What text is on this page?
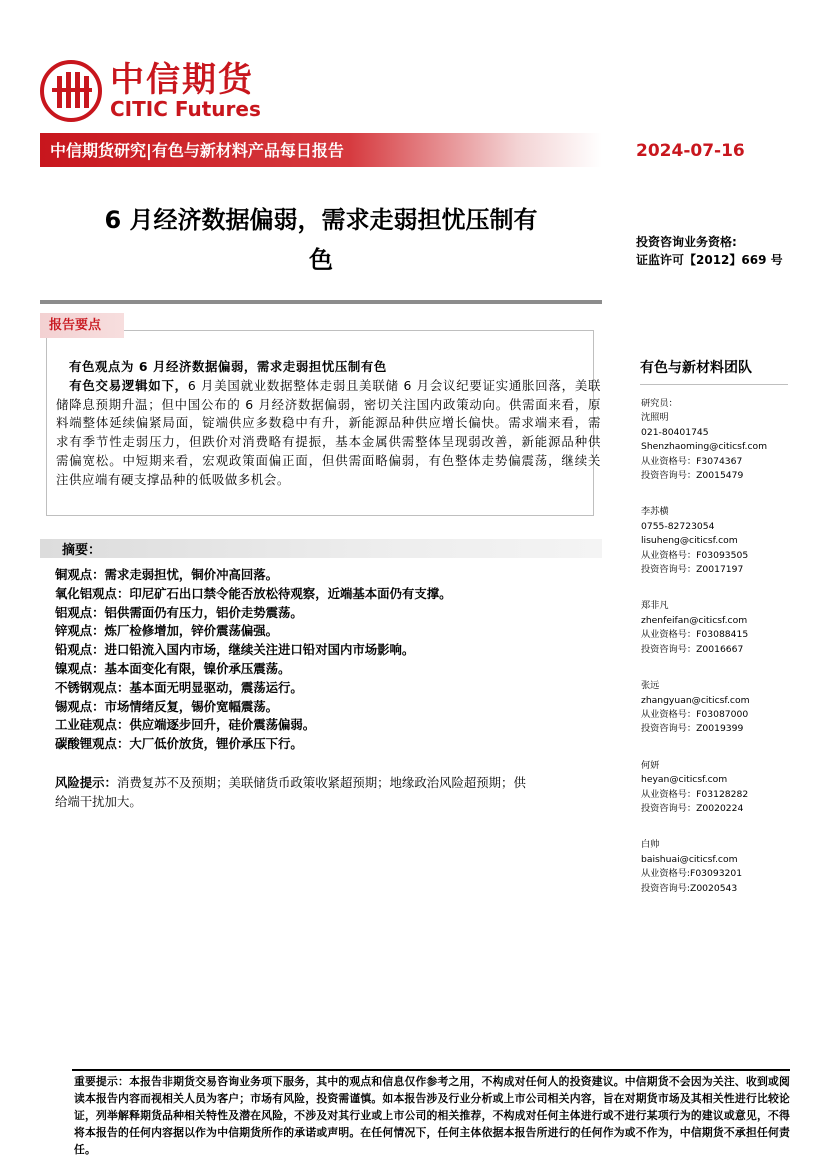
中信期货
CITIC Futures
中信期货研究|有色与新材料产品每日报告	2024-07-16
6 月经济数据偏弱，需求走弱担忧压制有
色
投资咨询业务资格:
证监许可【2012】669 号
报告要点

 有色观点为 6 月经济数据偏弱，需求走弱担忧压制有色

 有色交易逻辑如下，6 月美国就业数据整体走弱且美联储 6 月会议纪要证实通胀回落，美联储降息预期升温；但中国公布的 6 月经济数据偏弱，密切关注国内政策动向。供需面来看，原料端整体延续偏紧局面，锭端供应多数稳中有升，新能源品种供应增长偏快。需求端来看，需求有季节性走弱压力，但跌价对消费略有提振，基本金属供需整体呈现弱改善，新能源品种供需偏宽松。中短期来看，宏观政策面偏正面，但供需面略偏弱，有色整体走势偏震荡，继续关注供应端有硬支撑品种的低吸做多机会。

摘要：
铜观点：需求走弱担忧，铜价冲高回落。
氧化铝观点：印尼矿石出口禁令能否放松待观察，近端基本面仍有支撑。
铝观点：铝供需面仍有压力，铝价走势震荡。
锌观点：炼厂检修增加，锌价震荡偏强。
铅观点：进口铅流入国内市场，继续关注进口铅对国内市场影响。
镍观点：基本面变化有限，镍价承压震荡。
不锈钢观点：基本面无明显驱动，震荡运行。
锡观点：市场情绪反复，锡价宽幅震荡。
工业硅观点：供应端逐步回升，硅价震荡偏弱。
碳酸锂观点：大厂低价放货，锂价承压下行。
风险提示：消费复苏不及预期；美联储货币政策收紧超预期；地缘政治风险超预期；供给端干扰加大。
有色与新材料团队
研究员：
沈照明
021-80401745
Shenzhaoming@citicsf.com
从业资格号：F3074367
投资咨询号：Z0015479
李苏横
0755-82723054
lisuheng@citicsf.com
从业资格号：F03093505
投资咨询号：Z0017197
郑非凡
zhenfeifan@citicsf.com
从业资格号：F03088415
投资咨询号：Z0016667
张远
zhangyuan@citicsf.com
从业资格号：F03087000
投资咨询号：Z0019399
何妍
heyan@citicsf.com
从业资格号：F03128282
投资咨询号：Z0020224
白帅
baishuai@citicsf.com
从业资格号:F03093201
投资咨询号:Z0020543
重要提示：本报告非期货交易咨询业务项下服务，其中的观点和信息仅作参考之用，不构成对任何人的投资建议。中信期货不会因为关注、收到或阅读本报告内容而视相关人员为客户；市场有风险，投资需谨慎。如本报告涉及行业分析或上市公司相关内容，旨在对期货市场及其相关性进行比较论证，列举解释期货品种相关特性及潜在风险，不涉及对其行业或上市公司的相关推荐，不构成对任何主体进行或不进行某项行为的建议或意见，不得将本报告的任何内容据以作为中信期货所作的承诺或声明。在任何情况下，任何主体依据本报告所进行的任何作为或不作为，中信期货不承担任何责任。
